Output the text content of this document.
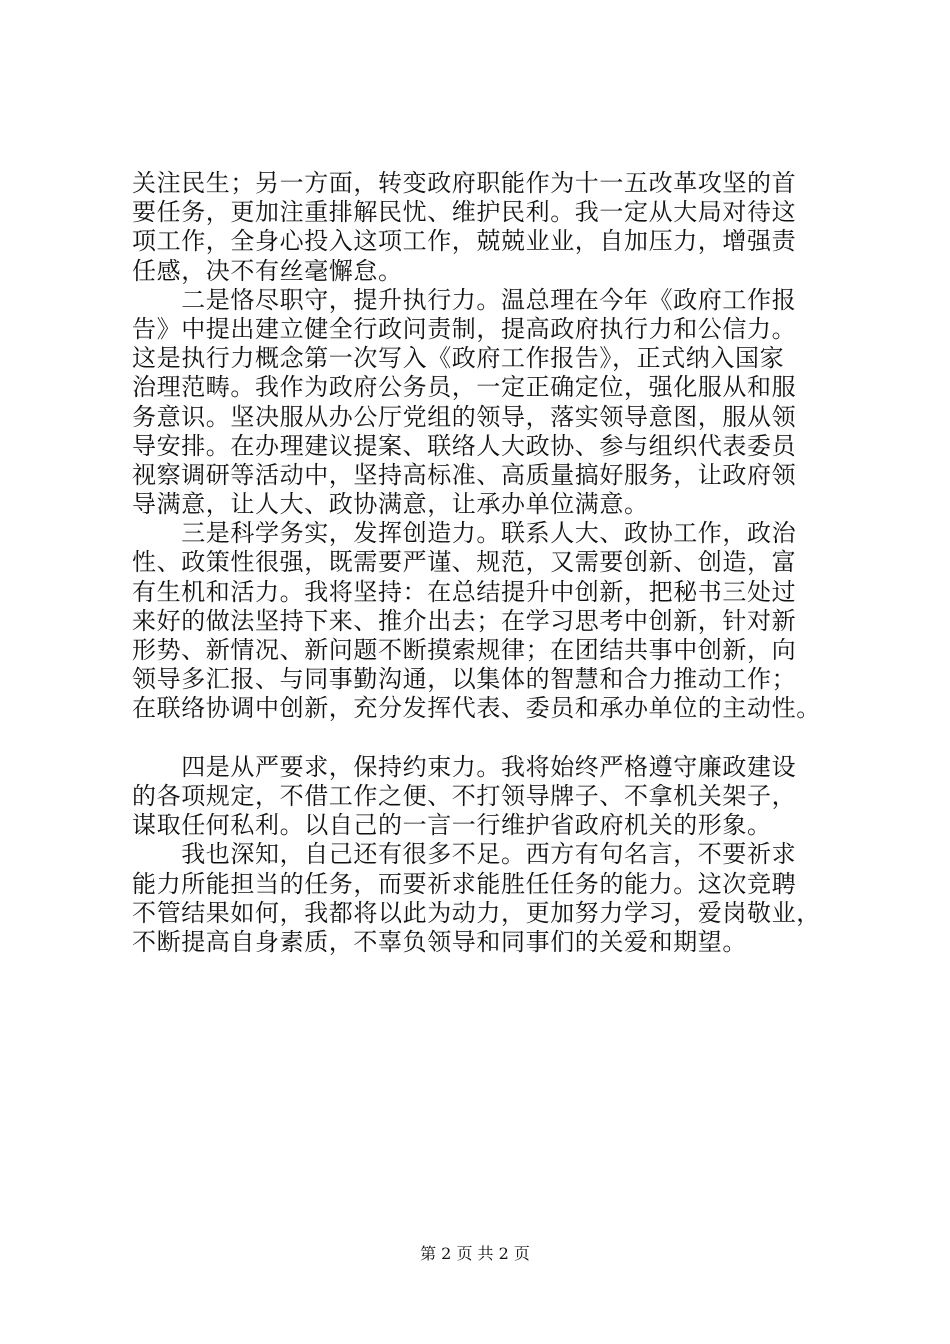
关注民生；另一方面，转变政府职能作为十一五改革攻坚的首
要任务，更加注重排解民忧、维护民利。我一定从大局对待这
项工作，全身心投入这项工作，兢兢业业，自加压力，增强责
任感，决不有丝毫懈怠。
　　二是恪尽职守，提升执行力。温总理在今年《政府工作报
告》中提出建立健全行政问责制，提高政府执行力和公信力。
这是执行力概念第一次写入《政府工作报告》，正式纳入国家
治理范畴。我作为政府公务员，一定正确定位，强化服从和服
务意识。坚决服从办公厅党组的领导，落实领导意图，服从领
导安排。在办理建议提案、联络人大政协、参与组织代表委员
视察调研等活动中，坚持高标准、高质量搞好服务，让政府领
导满意，让人大、政协满意，让承办单位满意。
　　三是科学务实，发挥创造力。联系人大、政协工作，政治
性、政策性很强，既需要严谨、规范，又需要创新、创造，富
有生机和活力。我将坚持：在总结提升中创新，把秘书三处过
来好的做法坚持下来、推介出去；在学习思考中创新，针对新
形势、新情况、新问题不断摸索规律；在团结共事中创新，向
领导多汇报、与同事勤沟通，以集体的智慧和合力推动工作；
在联络协调中创新，充分发挥代表、委员和承办单位的主动性。
　　四是从严要求，保持约束力。我将始终严格遵守廉政建设
的各项规定，不借工作之便、不打领导牌子、不拿机关架子，
谋取任何私利。以自己的一言一行维护省政府机关的形象。
　　我也深知，自己还有很多不足。西方有句名言，不要祈求
能力所能担当的任务，而要祈求能胜任任务的能力。这次竞聘
不管结果如何，我都将以此为动力，更加努力学习，爱岗敬业，
不断提高自身素质，不辜负领导和同事们的关爱和期望。
第 2 页 共 2 页
